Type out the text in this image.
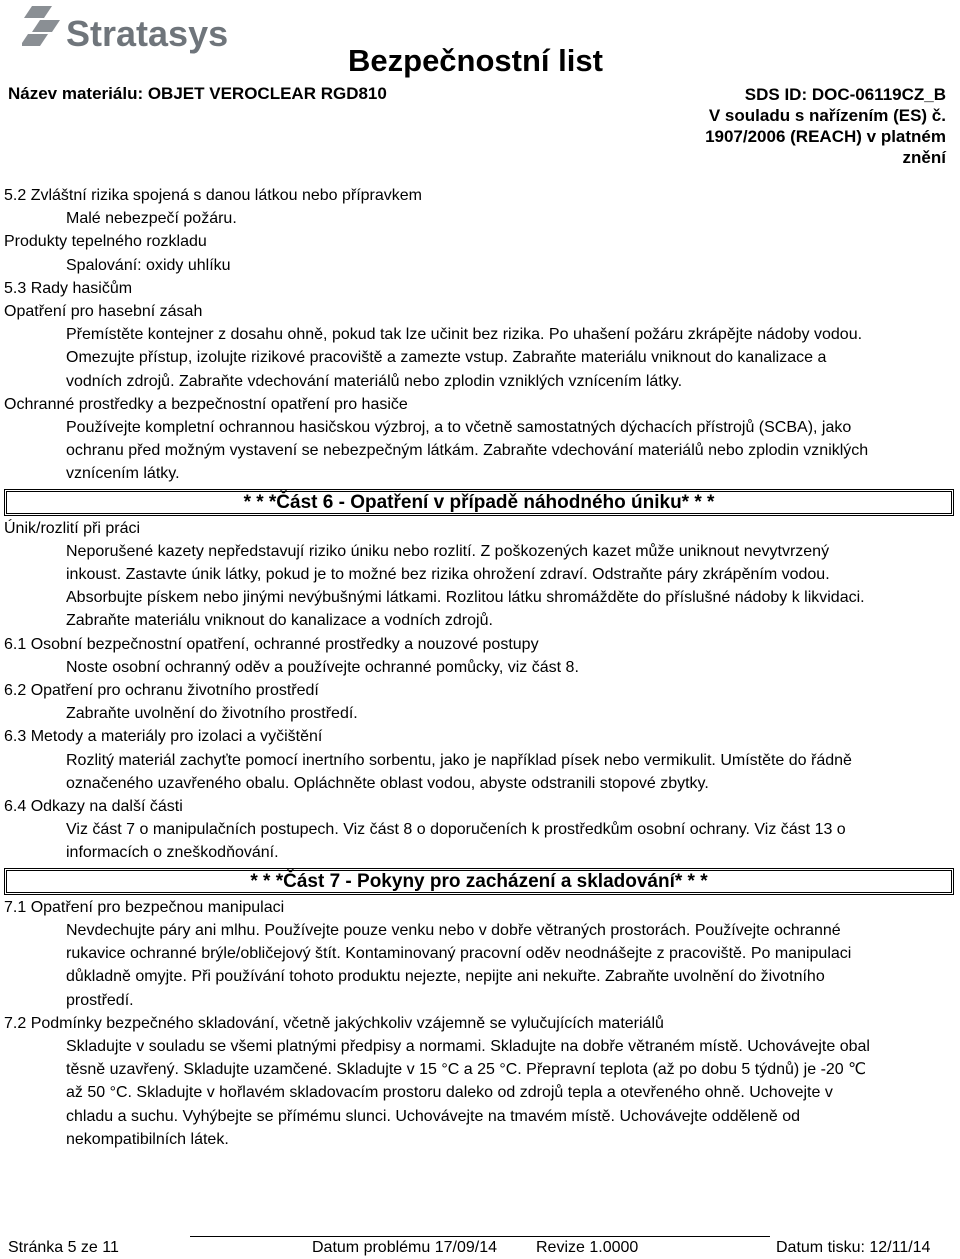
Stratasys
Bezpečnostní list
Název materiálu: OBJET VEROCLEAR RGD810	SDS ID: DOC-06119CZ_B
V souladu s nařízením (ES) č.
1907/2006 (REACH) v platném
znění
5.2 Zvláštní rizika spojená s danou látkou nebo přípravkem
Malé nebezpečí požáru.
Produkty tepelného rozkladu
Spalování: oxidy uhlíku
5.3 Rady hasičům
Opatření pro hasební zásah
Přemístěte kontejner z dosahu ohně, pokud tak lze učinit bez rizika. Po uhašení požáru zkrápějte nádoby vodou.
Omezujte přístup, izolujte rizikové pracoviště a zamezte vstup. Zabraňte materiálu vniknout do kanalizace a
vodních zdrojů. Zabraňte vdechování materiálů nebo zplodin vzniklých vznícením látky.
Ochranné prostředky a bezpečnostní opatření pro hasiče
Používejte kompletní ochrannou hasičskou výzbroj, a to včetně samostatných dýchacích přístrojů (SCBA), jako
ochranu před možným vystavení se nebezpečným látkám. Zabraňte vdechování materiálů nebo zplodin vzniklých
vznícením látky.
* * *Část 6 - Opatření v případě náhodného úniku* * *
Únik/rozlití při práci
Neporušené kazety nepředstavují riziko úniku nebo rozlití. Z poškozených kazet může uniknout nevytvrzený
inkoust. Zastavte únik látky, pokud je to možné bez rizika ohrožení zdraví. Odstraňte páry zkrápěním vodou.
Absorbujte pískem nebo jinými nevýbušnými látkami. Rozlitou látku shromážděte do příslušné nádoby k likvidaci.
Zabraňte materiálu vniknout do kanalizace a vodních zdrojů.
6.1 Osobní bezpečnostní opatření, ochranné prostředky a nouzové postupy
Noste osobní ochranný oděv a používejte ochranné pomůcky, viz část 8.
6.2 Opatření pro ochranu životního prostředí
Zabraňte uvolnění do životního prostředí.
6.3 Metody a materiály pro izolaci a vyčištění
Rozlitý materiál zachyťte pomocí inertního sorbentu, jako je například písek nebo vermikulit. Umístěte do řádně
označeného uzavřeného obalu. Opláchněte oblast vodou, abyste odstranili stopové zbytky.
6.4 Odkazy na další části
Viz část 7 o manipulačních postupech. Viz část 8 o doporučeních k prostředkům osobní ochrany. Viz část 13 o
informacích o zneškodňování.
* * *Část 7 - Pokyny pro zacházení a skladování* * *
7.1 Opatření pro bezpečnou manipulaci
Nevdechujte páry ani mlhu. Používejte pouze venku nebo v dobře větraných prostorách. Používejte ochranné
rukavice ochranné brýle/obličejový štít. Kontaminovaný pracovní oděv neodnášejte z pracoviště. Po manipulaci
důkladně omyjte. Při používání tohoto produktu nejezte, nepijte ani nekuřte. Zabraňte uvolnění do životního
prostředí.
7.2 Podmínky bezpečného skladování, včetně jakýchkoliv vzájemně se vylučujících materiálů
Skladujte v souladu se všemi platnými předpisy a normami. Skladujte na dobře větraném místě. Uchovávejte obal
těsně uzavřený. Skladujte uzamčené. Skladujte v 15 °C a 25 °C. Přepravní teplota (až po dobu 5 týdnů) je -20 ℃
až 50 °C. Skladujte v hořlavém skladovacím prostoru daleko od zdrojů tepla a otevřeného ohně. Uchovejte v
chladu a suchu. Vyhýbejte se přímému slunci. Uchovávejte na tmavém místě. Uchovávejte odděleně od
nekompatibilních látek.
Stránka 5 ze 11	Datum problému 17/09/14 Revize 1.0000	Datum tisku: 12/11/14
